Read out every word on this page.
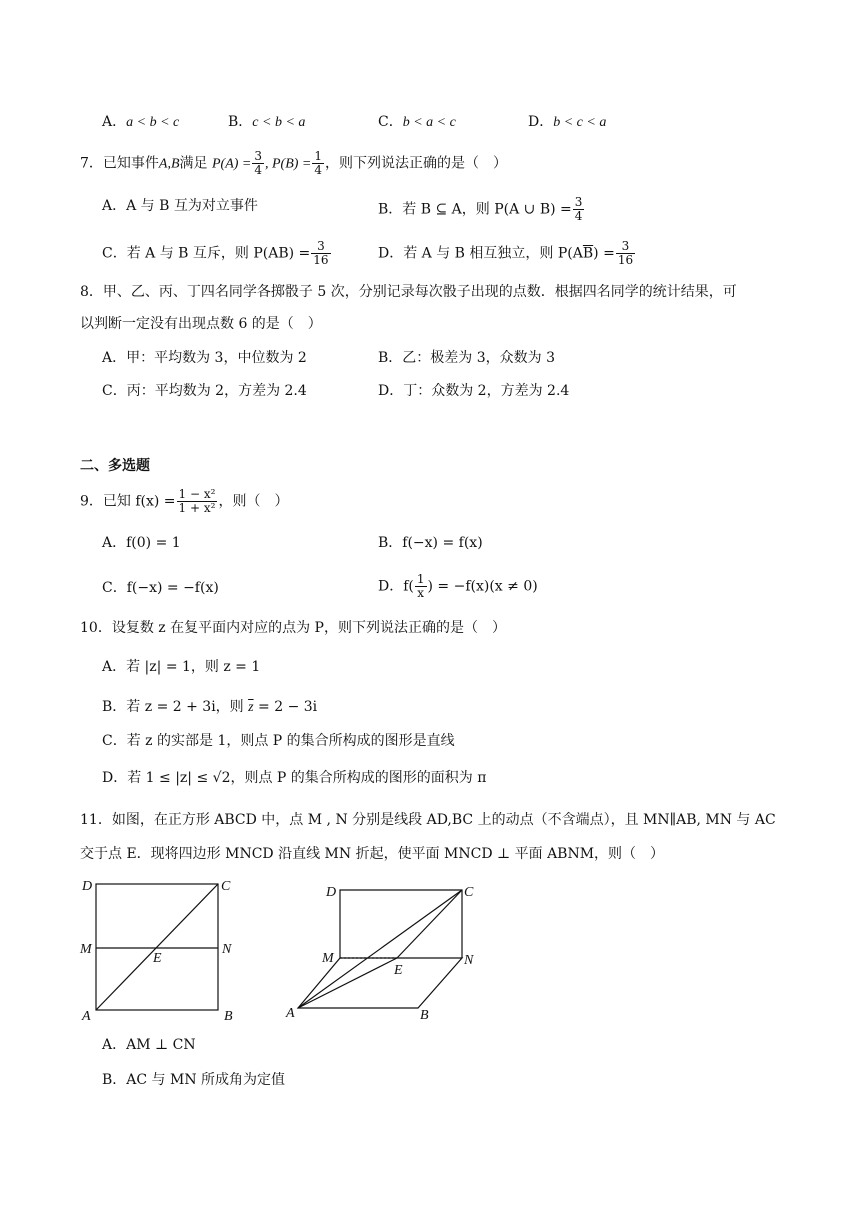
A．a < b < c	B．c < b < a	C．b < a < c	D．b < c < a
7．已知事件A,B满足 $P(A) = \frac{3}{4}$ , $P(B) = \frac{1}{4}$ ，则下列说法正确的是（　）
A．A 与 B 互为对立事件	B．若 B ⊆ A，则 P(A ∪ $B) = \frac{3}{4}$
C．若 A 与 B 互斥，则 $P(AB) = \frac{3}{16}$	D．若 A 与 B 相互独立，则 $P(A\overline{B}) = \frac{3}{16}$
8．甲、乙、丙、丁四名同学各掷骰子 5 次，分别记录每次骰子出现的点数．根据四名同学的统计结果，可
以判断一定没有出现点数 6 的是（　）
A．甲：平均数为 3，中位数为 2	B．乙：极差为 3，众数为 3
C．丙：平均数为 2，方差为 2.4	D．丁：众数为 2，方差为 2.4
二、多选题
9．已知 $f(x) = \frac{\text{1 − x²}}{\text{1 + x²}}$ ，则（　）
A．f(0) = 1	B．f(−x) = f(x)
C．f(−x) = −f(x)	D．$f( \frac{1}{x}$ ) = −f(x)(x ≠ 0)
10．设复数 z 在复平面内对应的点为 P，则下列说法正确的是（　）
A．若 |z| = 1，则 z = 1
B．若 z = 2 + 3i，则 $\overline{z} = 2 - 3i$
C．若 z 的实部是 1，则点 P 的集合所构成的图形是直线
D．若 1 ≤ |z| ≤ √2，则点 P 的集合所构成的图形的面积为 π
11．如图，在正方形 ABCD 中，点 M , N 分别是线段 AD,BC 上的动点（不含端点），且 MN∥AB, MN 与 AC
交于点 E．现将四边形 MNCD 沿直线 MN 折起，使平面 MNCD ⊥ 平面 ABNM，则（　）
D	C
M	N
E
A	B
D	C
M	N
E
A	B
A．AM ⊥ CN
B．AC 与 MN 所成角为定值
